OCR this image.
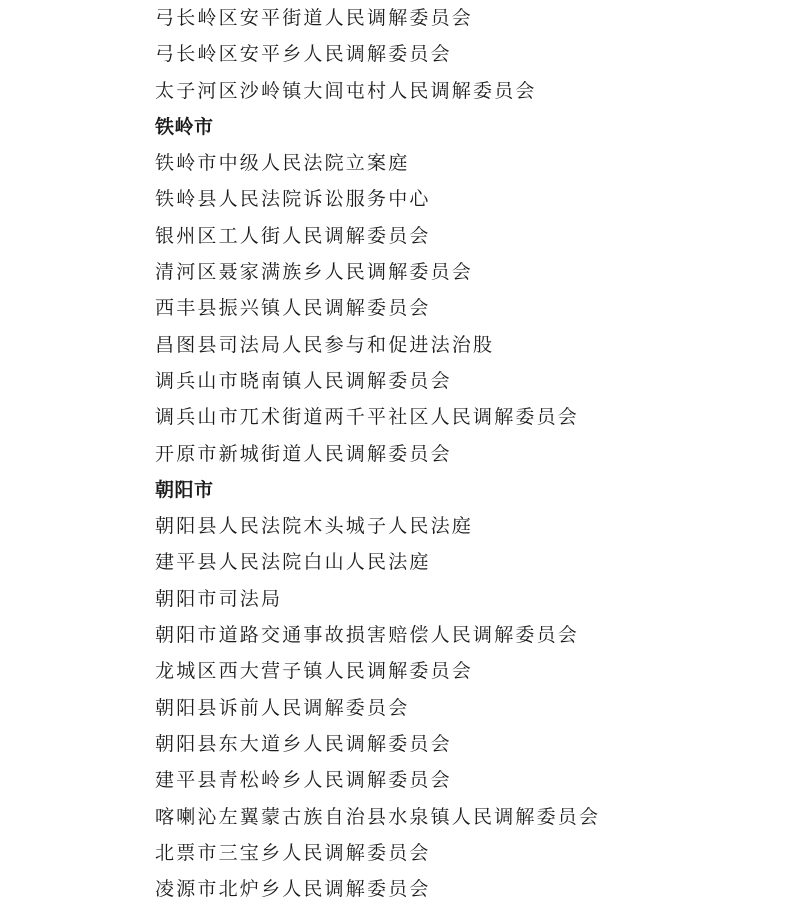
弓长岭区安平街道人民调解委员会
弓长岭区安平乡人民调解委员会
太子河区沙岭镇大闾屯村人民调解委员会
铁岭市
铁岭市中级人民法院立案庭
铁岭县人民法院诉讼服务中心
银州区工人街人民调解委员会
清河区聂家满族乡人民调解委员会
西丰县振兴镇人民调解委员会
昌图县司法局人民参与和促进法治股
调兵山市晓南镇人民调解委员会
调兵山市兀术街道两千平社区人民调解委员会
开原市新城街道人民调解委员会
朝阳市
朝阳县人民法院木头城子人民法庭
建平县人民法院白山人民法庭
朝阳市司法局
朝阳市道路交通事故损害赔偿人民调解委员会
龙城区西大营子镇人民调解委员会
朝阳县诉前人民调解委员会
朝阳县东大道乡人民调解委员会
建平县青松岭乡人民调解委员会
喀喇沁左翼蒙古族自治县水泉镇人民调解委员会
北票市三宝乡人民调解委员会
凌源市北炉乡人民调解委员会
